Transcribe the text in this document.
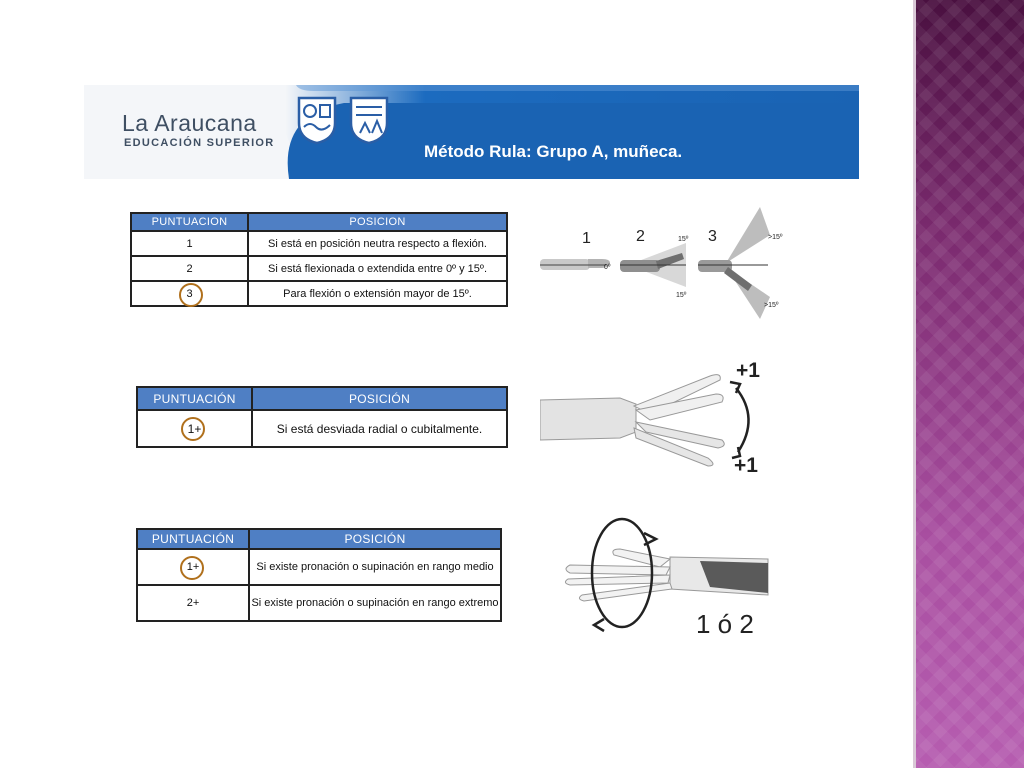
La Araucana
EDUCACIÓN SUPERIOR	Método Rula: Grupo A, muñeca.
PUNTUACION	POSICION
1	Si está en posición neutra respecto a flexión.
2	Si está flexionada o extendida entre 0º y 15º.
3	Para flexión o extensión mayor de 15º.
PUNTUACIÓN	POSICIÓN
1+	Si está desviada radial o cubitalmente.
PUNTUACIÓN	POSICIÓN
1+	Si existe pronación o supinación en rango medio
2+	Si existe pronación o supinación en rango extremo
1	2	3
0º
15º
15º
>15º
>15º
+1
+1
1 ó 2
